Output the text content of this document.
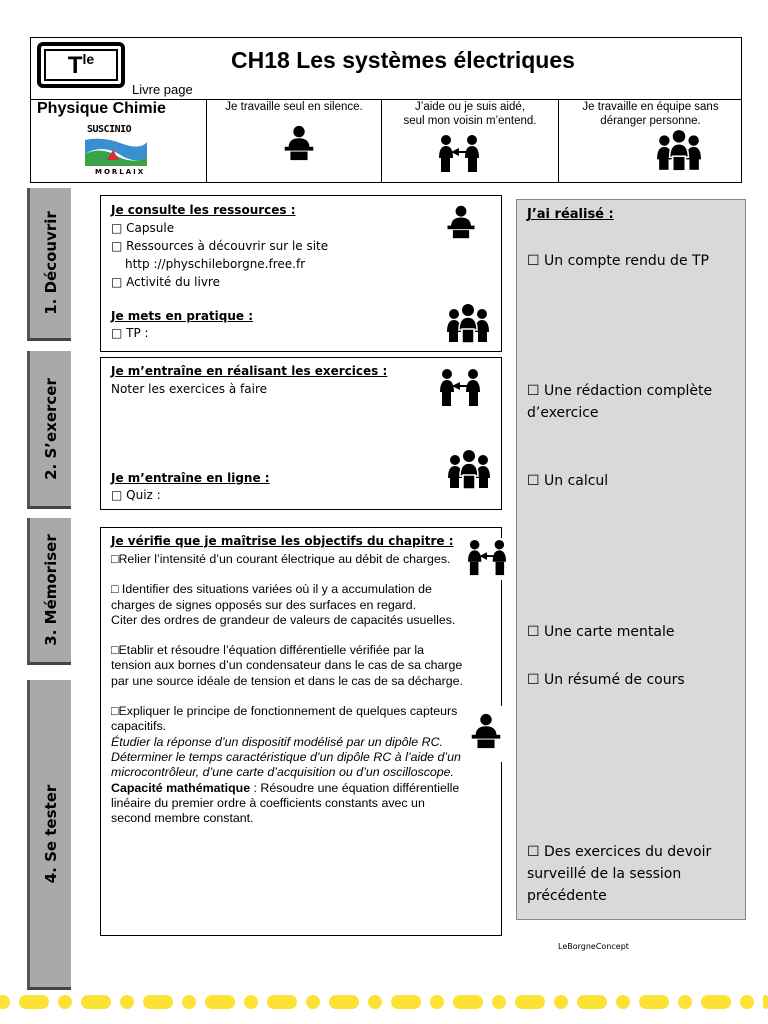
$T^{le}$	CH18 Les systèmes électriques
Livre page
Physique Chimie
SUSCINIO
MORLAIX
Je travaille seul en silence.	J’aide ou je suis aidé,
seul mon voisin m’entend.
Je travaille en équipe sans
déranger personne.
1. Découvrir
2. S’exercer
3. Mémoriser
4. Se tester
Je consulte les ressources :
□ Capsule
□ Ressources à découvrir sur le site
http ://physchileborgne.free.fr
□ Activité du livre
Je mets en pratique :
□ TP :
Je m’entraîne en réalisant les exercices :
Noter les exercices à faire
Je m’entraîne en ligne :
□ Quiz :
Je vérifie que je maîtrise les objectifs du chapitre :

□Relier l’intensité d’un courant électrique au débit de charges.

□ Identifier des situations variées où il y a accumulation de charges de signes opposés sur des surfaces en regard.

Citer des ordres de grandeur de valeurs de capacités usuelles.

□Etablir et résoudre l’équation différentielle vérifiée par la tension aux bornes d’un condensateur dans le cas de sa charge par une source idéale de tension et dans le cas de sa décharge.

□Expliquer le principe de fonctionnement de quelques capteurs capacitifs.

Étudier la réponse d’un dispositif modélisé par un dipôle RC.

Déterminer le temps caractéristique d’un dipôle RC à l’aide d’un microcontrôleur, d’une carte d’acquisition ou d’un oscilloscope.

Capacité mathématique : Résoudre une équation différentielle linéaire du premier ordre à coefficients constants avec un second membre constant.

J’ai réalisé :
☐ Un compte rendu de TP
☐ Une rédaction complète d’exercice
☐ Un calcul
☐ Une carte mentale
☐ Un résumé de cours
☐ Des exercices du devoir surveillé de la session précédente
LeBorgneConcept
